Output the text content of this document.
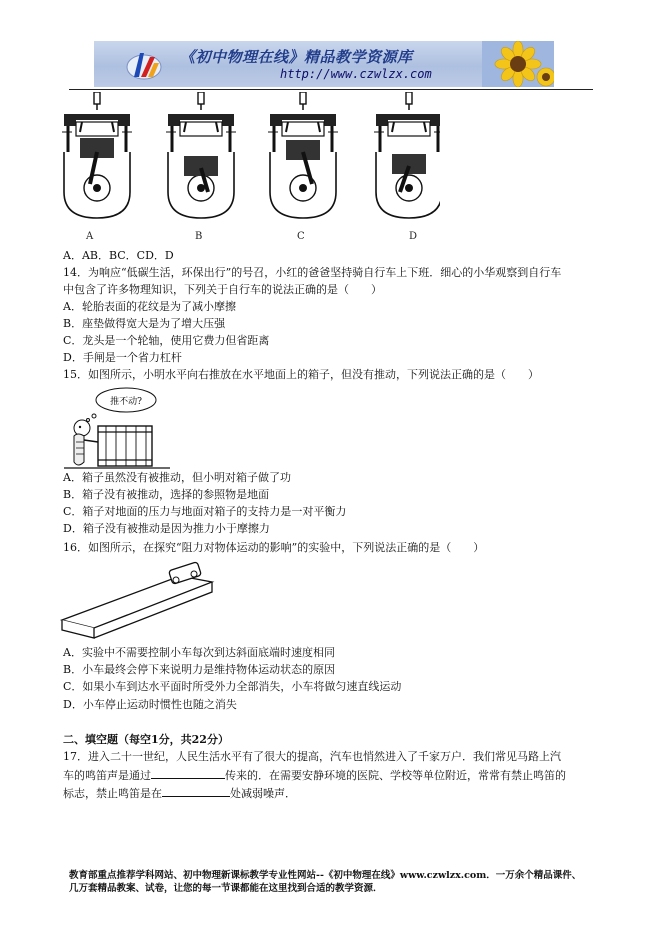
《初中物理在线》精品教学资源库
http://www.czwlzx.com
A	B	C	D
A．AB．BC．CD．D
14．为响应“低碳生活，环保出行”的号召，小红的爸爸坚持骑自行车上下班．细心的小华观察到自行车
中包含了许多物理知识，下列关于自行车的说法正确的是（　　）
A．轮胎表面的花纹是为了减小摩擦
B．座垫做得宽大是为了增大压强
C．龙头是一个轮轴，使用它费力但省距离
D．手闸是一个省力杠杆
15．如图所示，小明水平向右推放在水平地面上的箱子，但没有推动，下列说法正确的是（　　）
推不动?
A．箱子虽然没有被推动，但小明对箱子做了功
B．箱子没有被推动，选择的参照物是地面
C．箱子对地面的压力与地面对箱子的支持力是一对平衡力
D．箱子没有被推动是因为推力小于摩擦力
16．如图所示，在探究“阻力对物体运动的影响”的实验中，下列说法正确的是（　　）
A．实验中不需要控制小车每次到达斜面底端时速度相同
B．小车最终会停下来说明力是维持物体运动状态的原因
C．如果小车到达水平面时所受外力全部消失，小车将做匀速直线运动
D．小车停止运动时惯性也随之消失
二、填空题（每空1分，共22分）
17．进入二十一世纪，人民生活水平有了很大的提高，汽车也悄然进入了千家万户．我们常见马路上汽
车的鸣笛声是通过	传来的．在需要安静环境的医院、学校等单位附近，常常有禁止鸣笛的
标志，禁止鸣笛是在	处减弱噪声．
教育部重点推荐学科网站、初中物理新课标教学专业性网站--《初中物理在线》www.czwlzx.com．一万余个精品课件、
几万套精品教案、试卷，让您的每一节课都能在这里找到合适的教学资源．
